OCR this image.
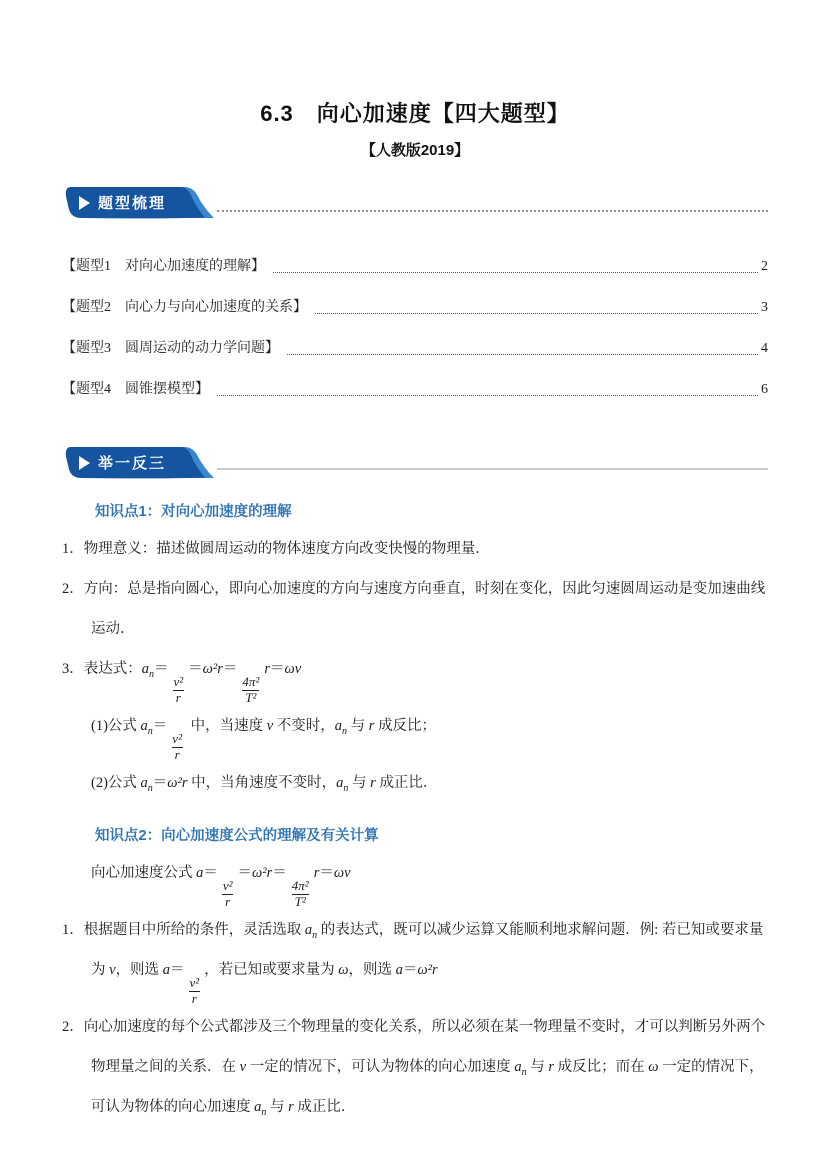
6.3　向心加速度【四大题型】
【人教版2019】
题型梳理
【题型1　对向心加速度的理解】	2
【题型2　向心力与向心加速度的关系】	3
【题型3　圆周运动的动力学问题】	4
【题型4　圆锥摆模型】	6
举一反三
知识点1：对向心加速度的理解

1．物理意义：描述做圆周运动的物体速度方向改变快慢的物理量．

2．方向：总是指向圆心，即向心加速度的方向与速度方向垂直，时刻在变化，因此匀速圆周运动是变加速曲线运动．

3．表达式：$a_n=$
$\frac{\text{v²}}{r}$
＝ω²r＝
$\frac{\text{4π²}}{\text{T²}}$
r＝ωv

(1)公式 $a_n=$
$\frac{\text{v²}}{r}$
中，当速度 v 不变时，$a_n$ 与 r 成反比；

(2)公式 $a_n=\omega^2r$ 中，当角速度不变时，$a_n$ 与 r 成正比．

知识点2：向心加速度公式的理解及有关计算

向心加速度公式 a＝
$\frac{\text{v²}}{r}$
＝ω²r＝
$\frac{\text{4π²}}{\text{T²}}$
r＝ωv

1．根据题目中所给的条件，灵活选取 $a_n$ 的表达式，既可以减少运算又能顺利地求解问题．例: 若已知或要求量为 v，则选 a＝
$\frac{\text{v²}}{r}$
，若已知或要求量为 ω，则选 a＝ω²r

2．向心加速度的每个公式都涉及三个物理量的变化关系，所以必须在某一物理量不变时，才可以判断另外两个物理量之间的关系．在 v 一定的情况下，可认为物体的向心加速度 $a_n$ 与 r 成反比；而在 ω 一定的情况下，可认为物体的向心加速度 $a_n$ 与 r 成正比．
